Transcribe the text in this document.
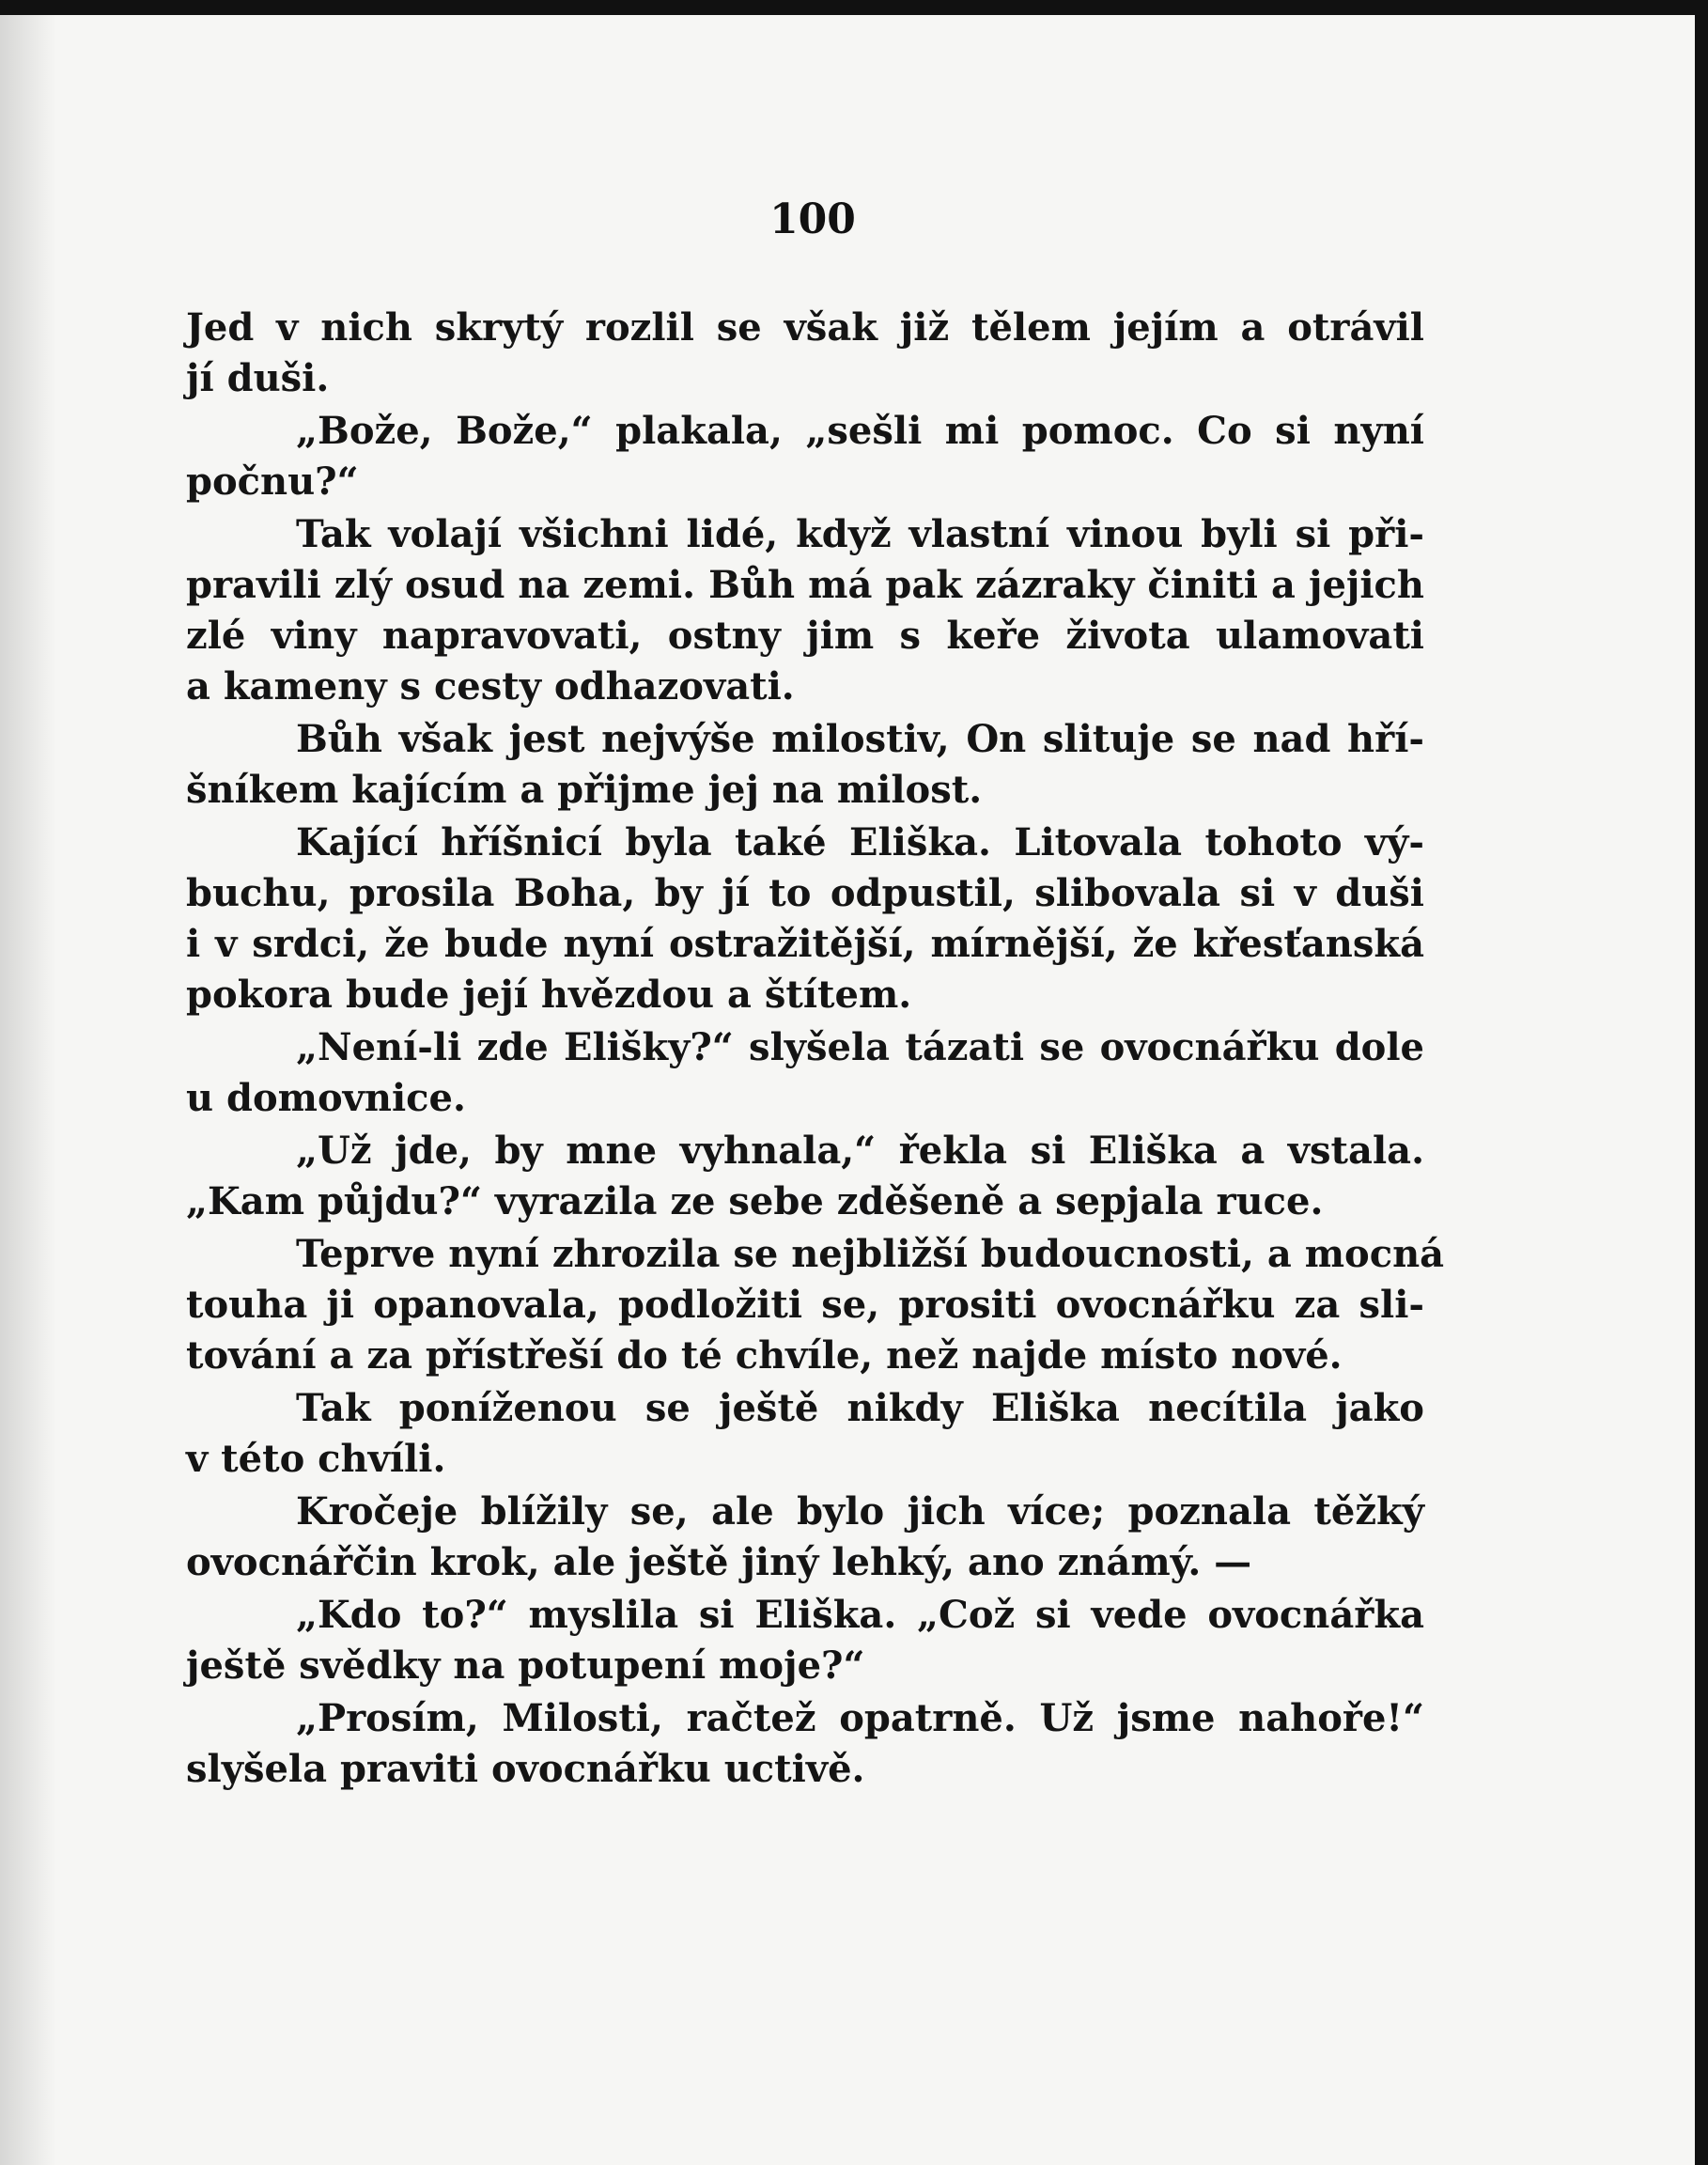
100
Jed v nich skrytý rozlil se však již tělem jejím a otrávil
jí duši.
„Bože, Bože,“ plakala, „sešli mi pomoc. Co si nyní
počnu?“
Tak volají všichni lidé, když vlastní vinou byli si při-
pravili zlý osud na zemi. Bůh má pak zázraky činiti a jejich
zlé viny napravovati, ostny jim s keře života ulamovati
a kameny s cesty odhazovati.
Bůh však jest nejvýše milostiv, On slituje se nad hří-
šníkem kajícím a přijme jej na milost.
Kající hříšnicí byla také Eliška. Litovala tohoto vý-
buchu, prosila Boha, by jí to odpustil, slibovala si v duši
i v srdci, že bude nyní ostražitější, mírnější, že křesťanská
pokora bude její hvězdou a štítem.
„Není-li zde Elišky?“ slyšela tázati se ovocnářku dole
u domovnice.
„Už jde, by mne vyhnala,“ řekla si Eliška a vstala.
„Kam půjdu?“ vyrazila ze sebe zděšeně a sepjala ruce.
Teprve nyní zhrozila se nejbližší budoucnosti, a mocná
touha ji opanovala, podložiti se, prositi ovocnářku za sli-
tování a za přístřeší do té chvíle, než najde místo nové.
Tak poníženou se ještě nikdy Eliška necítila jako
v této chvíli.
Kročeje blížily se, ale bylo jich více; poznala těžký
ovocnářčin krok, ale ještě jiný lehký, ano známý. —
„Kdo to?“ myslila si Eliška. „Což si vede ovocnářka
ještě svědky na potupení moje?“
„Prosím, Milosti, račtež opatrně. Už jsme nahoře!“
slyšela praviti ovocnářku uctivě.
